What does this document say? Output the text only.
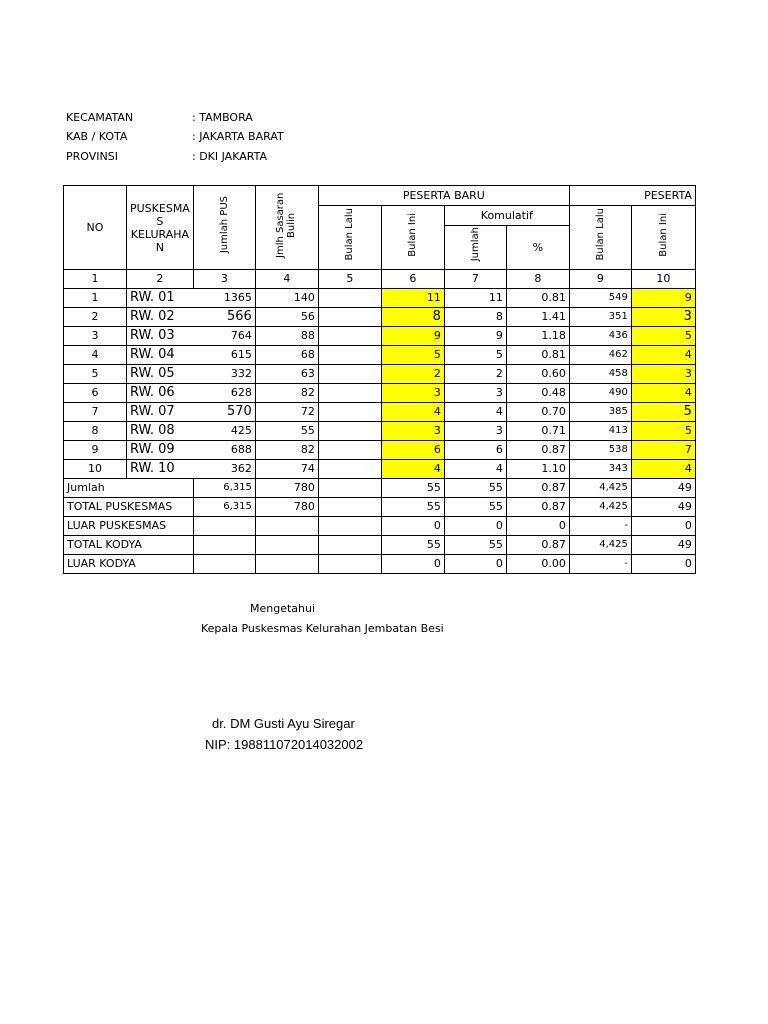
KECAMATAN	: TAMBORA
KAB / KOTA	: JAKARTA BARAT
PROVINSI	: DKI JAKARTA
NO	PUSKESMA
S
KELURAHA
N	Jumlah PUS	Jmlh Sasaran Bulin	PESERTA BARU				PESERTA	
				Bulan Lalu	Bulan Ini	Komulatif		Bulan Lalu	Bulan Ini
						Jumlah	%		
1	2	3	4	5	6	7	8	9	10
1	RW. 01	1365	140		11	11	0.81	549	9
2	RW. 02	566	56		8	8	1.41	351	3
3	RW. 03	764	88		9	9	1.18	436	5
4	RW. 04	615	68		5	5	0.81	462	4
5	RW. 05	332	63		2	2	0.60	458	3
6	RW. 06	628	82		3	3	0.48	490	4
7	RW. 07	570	72		4	4	0.70	385	5
8	RW. 08	425	55		3	3	0.71	413	5
9	RW. 09	688	82		6	6	0.87	538	7
10	RW. 10	362	74		4	4	1.10	343	4
Jumlah		6,315	780		55	55	0.87	4,425	49
TOTAL PUSKESMAS		6,315	780		55	55	0.87	4,425	49
LUAR PUSKESMAS					0	0	0	-	0
TOTAL KODYA					55	55	0.87	4,425	49
LUAR KODYA					0	0	0.00	-	0
Mengetahui
Kepala Puskesmas Kelurahan Jembatan Besi
dr. DM Gusti Ayu Siregar
NIP: 198811072014032002
